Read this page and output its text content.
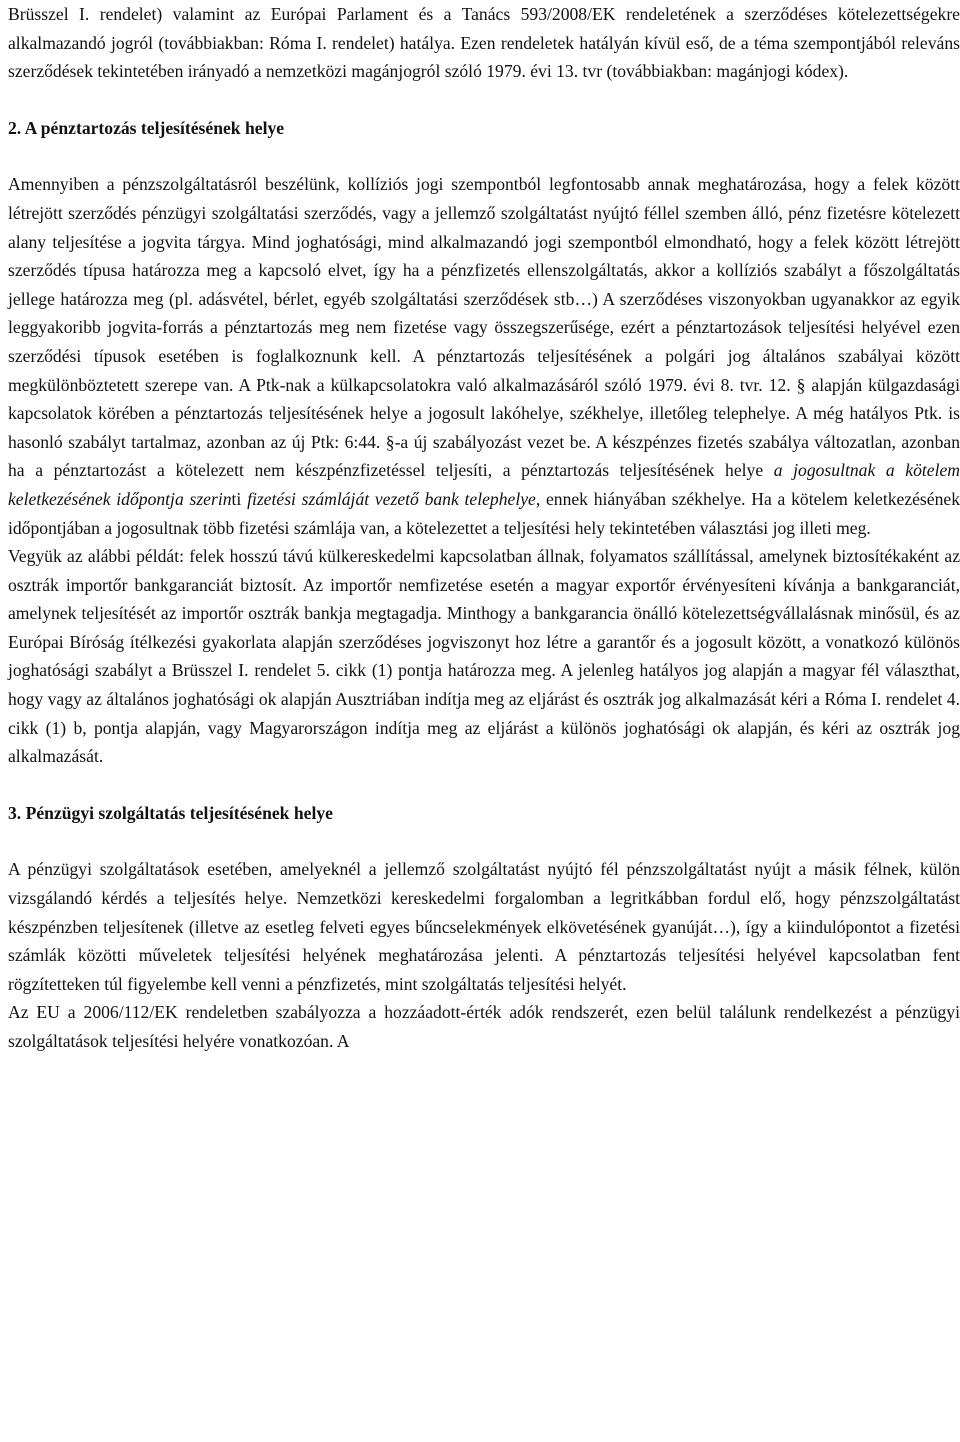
Brüsszel I. rendelet) valamint az Európai Parlament és a Tanács 593/2008/EK rendeletének a szerződéses kötelezettségekre alkalmazandó jogról (továbbiakban: Róma I. rendelet) hatálya. Ezen rendeletek hatályán kívül eső, de a téma szempontjából releváns szerződések tekintetében irányadó a nemzetközi magánjogról szóló 1979. évi 13. tvr (továbbiakban: magánjogi kódex).

2. A pénztartozás teljesítésének helye

Amennyiben a pénzszolgáltatásról beszélünk, kollíziós jogi szempontból legfontosabb annak meghatározása, hogy a felek között létrejött szerződés pénzügyi szolgáltatási szerződés, vagy a jellemző szolgáltatást nyújtó féllel szemben álló, pénz fizetésre kötelezett alany teljesítése a jogvita tárgya. Mind joghatósági, mind alkalmazandó jogi szempontból elmondható, hogy a felek között létrejött szerződés típusa határozza meg a kapcsoló elvet, így ha a pénzfizetés ellenszolgáltatás, akkor a kollíziós szabályt a főszolgáltatás jellege határozza meg (pl. adásvétel, bérlet, egyéb szolgáltatási szerződések stb…) A szerződéses viszonyokban ugyanakkor az egyik leggyakoribb jogvita-forrás a pénztartozás meg nem fizetése vagy összegszerűsége, ezért a pénztartozások teljesítési helyével ezen szerződési típusok esetében is foglalkoznunk kell. A pénztartozás teljesítésének a polgári jog általános szabályai között megkülönböztetett szerepe van. A Ptk-nak a külkapcsolatokra való alkalmazásáról szóló 1979. évi 8. tvr. 12. § alapján külgazdasági kapcsolatok körében a pénztartozás teljesítésének helye a jogosult lakóhelye, székhelye, illetőleg telephelye. A még hatályos Ptk. is hasonló szabályt tartalmaz, azonban az új Ptk: 6:44. §-a új szabályozást vezet be. A készpénzes fizetés szabálya változatlan, azonban ha a pénztartozást a kötelezett nem készpénzfizetéssel teljesíti, a pénztartozás teljesítésének helye a jogosultnak a kötelem keletkezésének időpontja szerinti fizetési számláját vezető bank telephelye, ennek hiányában székhelye. Ha a kötelem keletkezésének időpontjában a jogosultnak több fizetési számlája van, a kötelezettet a teljesítési hely tekintetében választási jog illeti meg.

Vegyük az alábbi példát: felek hosszú távú külkereskedelmi kapcsolatban állnak, folyamatos szállítással, amelynek biztosítékaként az osztrák importőr bankgaranciát biztosít. Az importőr nemfizetése esetén a magyar exportőr érvényesíteni kívánja a bankgaranciát, amelynek teljesítését az importőr osztrák bankja megtagadja. Minthogy a bankgarancia önálló kötelezettségvállalásnak minősül, és az Európai Bíróság ítélkezési gyakorlata alapján szerződéses jogviszonyt hoz létre a garantőr és a jogosult között, a vonatkozó különös joghatósági szabályt a Brüsszel I. rendelet 5. cikk (1) pontja határozza meg. A jelenleg hatályos jog alapján a magyar fél választhat, hogy vagy az általános joghatósági ok alapján Ausztriában indítja meg az eljárást és osztrák jog alkalmazását kéri a Róma I. rendelet 4. cikk (1) b, pontja alapján, vagy Magyarországon indítja meg az eljárást a különös joghatósági ok alapján, és kéri az osztrák jog alkalmazását.

3. Pénzügyi szolgáltatás teljesítésének helye

A pénzügyi szolgáltatások esetében, amelyeknél a jellemző szolgáltatást nyújtó fél pénzszolgáltatást nyújt a másik félnek, külön vizsgálandó kérdés a teljesítés helye. Nemzetközi kereskedelmi forgalomban a legritkábban fordul elő, hogy pénzszolgáltatást készpénzben teljesítenek (illetve az esetleg felveti egyes bűncselekmények elkövetésének gyanúját…), így a kiindulópontot a fizetési számlák közötti műveletek teljesítési helyének meghatározása jelenti. A pénztartozás teljesítési helyével kapcsolatban fent rögzítetteken túl figyelembe kell venni a pénzfizetés, mint szolgáltatás teljesítési helyét.

Az EU a 2006/112/EK rendeletben szabályozza a hozzáadott-érték adók rendszerét, ezen belül találunk rendelkezést a pénzügyi szolgáltatások teljesítési helyére vonatkozóan. A
